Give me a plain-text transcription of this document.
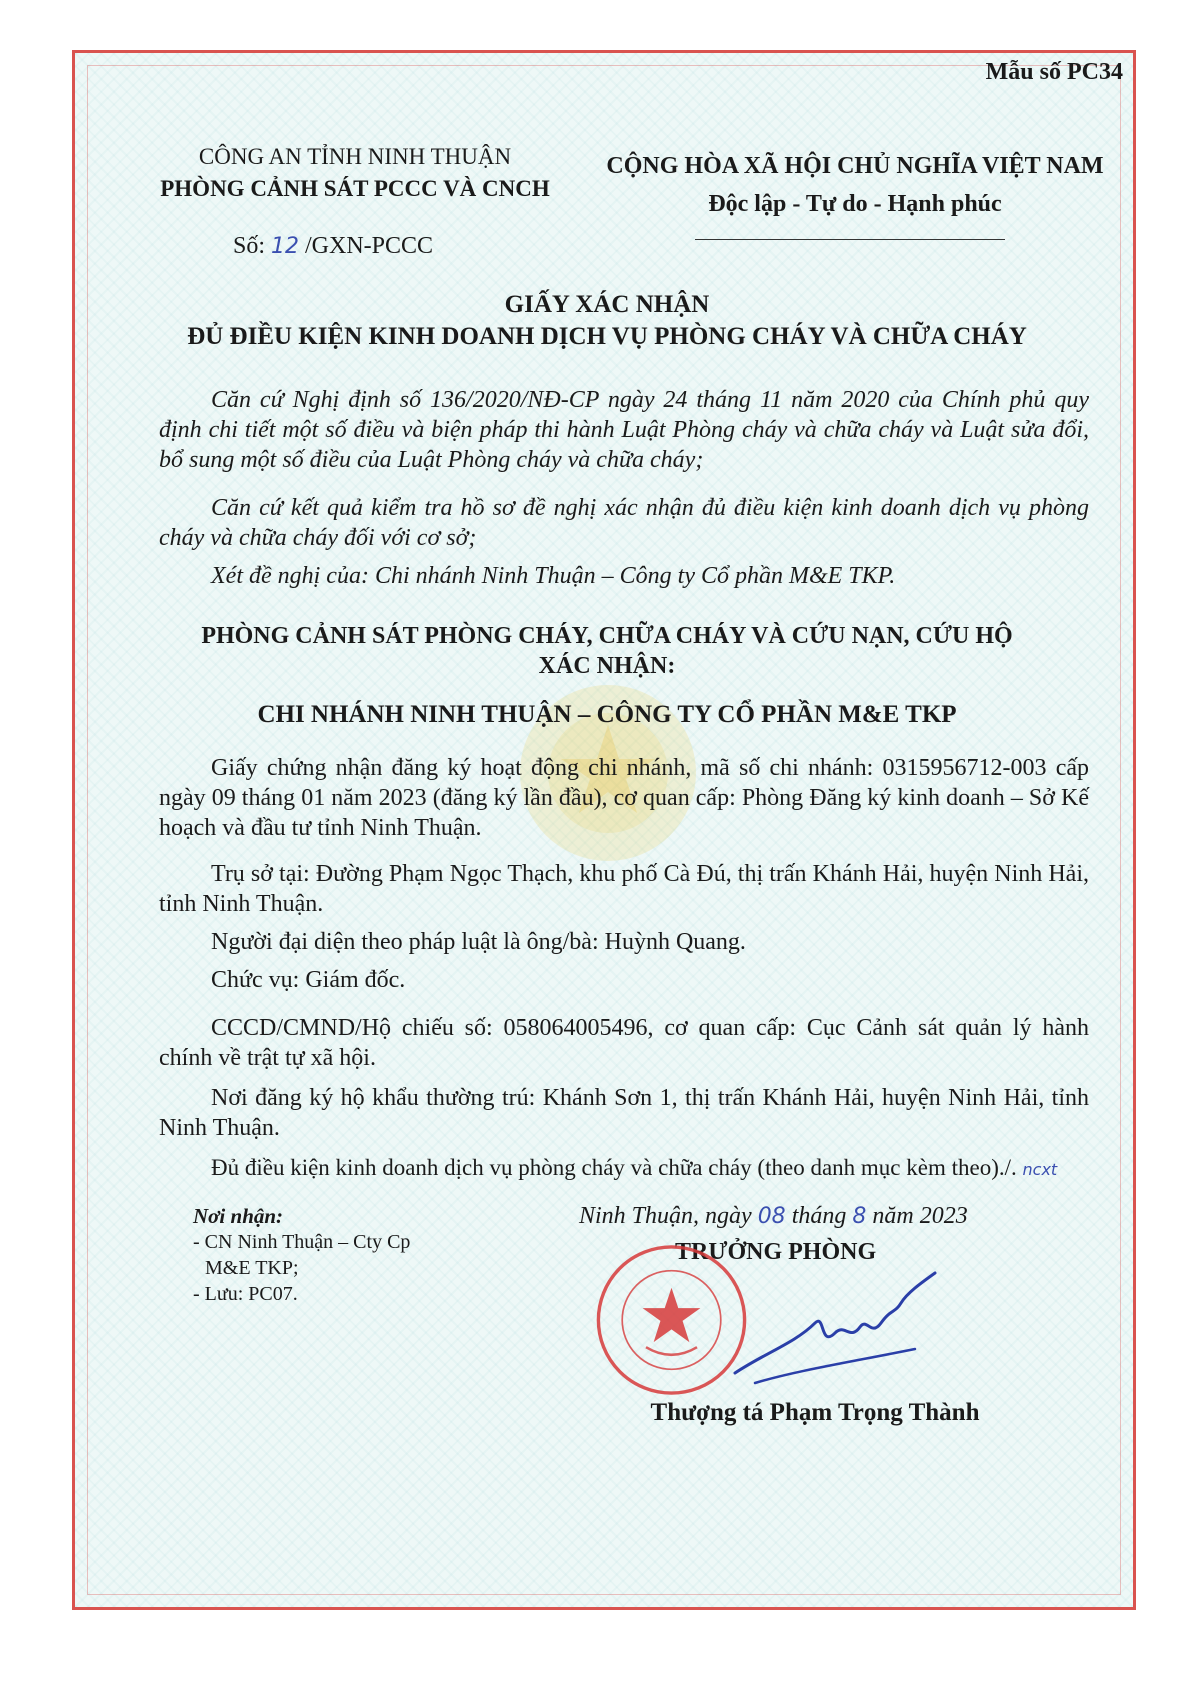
Mẫu số PC34
CÔNG AN TỈNH NINH THUẬN
PHÒNG CẢNH SÁT PCCC VÀ CNCH
CỘNG HÒA XÃ HỘI CHỦ NGHĨA VIỆT NAM
Độc lập - Tự do - Hạnh phúc
Số: 12 /GXN-PCCC
GIẤY XÁC NHẬN
ĐỦ ĐIỀU KIỆN KINH DOANH DỊCH VỤ PHÒNG CHÁY VÀ CHỮA CHÁY
Căn cứ Nghị định số 136/2020/NĐ-CP ngày 24 tháng 11 năm 2020 của Chính phủ quy định chi tiết một số điều và biện pháp thi hành Luật Phòng cháy và chữa cháy và Luật sửa đổi, bổ sung một số điều của Luật Phòng cháy và chữa cháy;
Căn cứ kết quả kiểm tra hồ sơ đề nghị xác nhận đủ điều kiện kinh doanh dịch vụ phòng cháy và chữa cháy đối với cơ sở;
Xét đề nghị của: Chi nhánh Ninh Thuận – Công ty Cổ phần M&E TKP.
PHÒNG CẢNH SÁT PHÒNG CHÁY, CHỮA CHÁY VÀ CỨU NẠN, CỨU HỘ
XÁC NHẬN:
CHI NHÁNH NINH THUẬN – CÔNG TY CỔ PHẦN M&E TKP
Giấy chứng nhận đăng ký hoạt động chi nhánh, mã số chi nhánh: 0315956712-003 cấp ngày 09 tháng 01 năm 2023 (đăng ký lần đầu), cơ quan cấp: Phòng Đăng ký kinh doanh – Sở Kế hoạch và đầu tư tỉnh Ninh Thuận.
Trụ sở tại: Đường Phạm Ngọc Thạch, khu phố Cà Đú, thị trấn Khánh Hải, huyện Ninh Hải, tỉnh Ninh Thuận.
Người đại diện theo pháp luật là ông/bà: Huỳnh Quang.
Chức vụ: Giám đốc.
CCCD/CMND/Hộ chiếu số: 058064005496, cơ quan cấp: Cục Cảnh sát quản lý hành chính về trật tự xã hội.
Nơi đăng ký hộ khẩu thường trú: Khánh Sơn 1, thị trấn Khánh Hải, huyện Ninh Hải, tỉnh Ninh Thuận.
Đủ điều kiện kinh doanh dịch vụ phòng cháy và chữa cháy (theo danh mục kèm theo)./. ncxt
Nơi nhận:
- CN Ninh Thuận – Cty Cp
M&E TKP;
- Lưu: PC07.
Ninh Thuận, ngày 08 tháng 8 năm 2023
TRƯỞNG PHÒNG
Thượng tá Phạm Trọng Thành
